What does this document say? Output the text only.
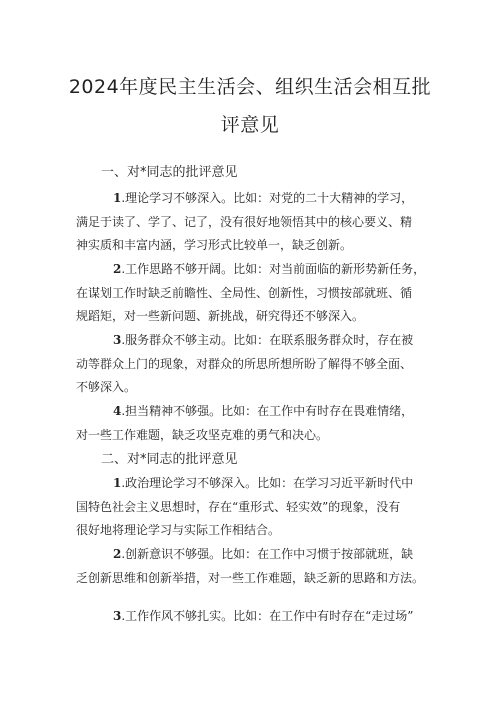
2024年度民主生活会、组织生活会相互批
评意见
一、对*同志的批评意见
1.理论学习不够深入。比如：对党的二十大精神的学习，
满足于读了、学了、记了，没有很好地领悟其中的核心要义、精
神实质和丰富内涵，学习形式比较单一，缺乏创新。
2.工作思路不够开阔。比如：对当前面临的新形势新任务，
在谋划工作时缺乏前瞻性、全局性、创新性，习惯按部就班、循
规蹈矩，对一些新问题、新挑战，研究得还不够深入。
3.服务群众不够主动。比如：在联系服务群众时，存在被
动等群众上门的现象，对群众的所思所想所盼了解得不够全面、
不够深入。
4.担当精神不够强。比如：在工作中有时存在畏难情绪，
对一些工作难题，缺乏攻坚克难的勇气和决心。
二、对*同志的批评意见
1.政治理论学习不够深入。比如：在学习习近平新时代中
国特色社会主义思想时，存在“重形式、轻实效”的现象，没有
很好地将理论学习与实际工作相结合。
2.创新意识不够强。比如：在工作中习惯于按部就班，缺
乏创新思维和创新举措，对一些工作难题，缺乏新的思路和方法。
3.工作作风不够扎实。比如：在工作中有时存在“走过场”
